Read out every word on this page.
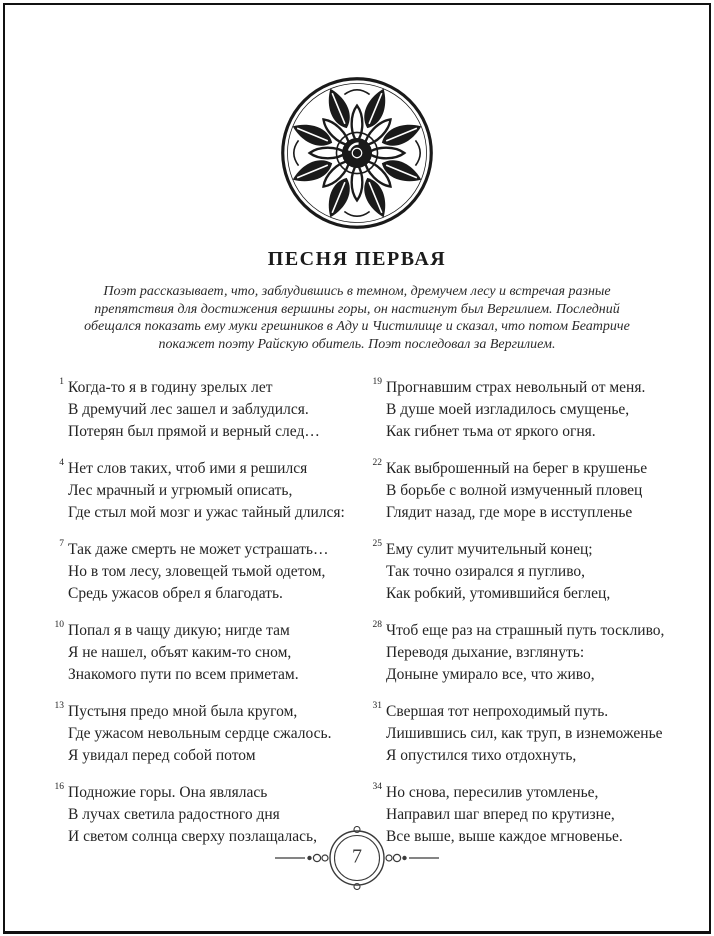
ПЕСНЯ ПЕРВАЯ

Поэт рассказывает, что, заблудившись в темном, дремучем лесу и встречая разные препятствия для достижения вершины горы, он настигнут был Вергилием. Последний обещался показать ему муки грешников в Аду и Чистилище и сказал, что потом Беатриче покажет поэту Райскую обитель. Поэт последовал за Вергилием.

1 Когда-то я в годину зрелых лет
В дремучий лес зашел и заблудился.
Потерян был прямой и верный след…
4 Нет слов таких, чтоб ими я решился
Лес мрачный и угрюмый описать,
Где стыл мой мозг и ужас тайный длился:
7 Так даже смерть не может устрашать…
Но в том лесу, зловещей тьмой одетом,
Средь ужасов обрел я благодать.
10 Попал я в чащу дикую; нигде там
Я не нашел, объят каким-то сном,
Знакомого пути по всем приметам.
13 Пустыня предо мной была кругом,
Где ужасом невольным сердце сжалось.
Я увидал перед собой потом
16 Подножие горы. Она являлась
В лучах светила радостного дня
И светом солнца сверху позлащалась,
19 Прогнавшим страх невольный от меня.
В душе моей изгладилось смущенье,
Как гибнет тьма от яркого огня.
22 Как выброшенный на берег в крушенье
В борьбе с волной измученный пловец
Глядит назад, где море в исступленье
25 Ему сулит мучительный конец;
Так точно озирался я пугливо,
Как робкий, утомившийся беглец,
28 Чтоб еще раз на страшный путь тоскливо,
Переводя дыхание, взглянуть:
Доныне умирало все, что живо,
31 Свершая тот непроходимый путь.
Лишившись сил, как труп, в изнеможенье
Я опустился тихо отдохнуть,
34 Но снова, пересилив утомленье,
Направил шаг вперед по крутизне,
Все выше, выше каждое мгновенье.
7
